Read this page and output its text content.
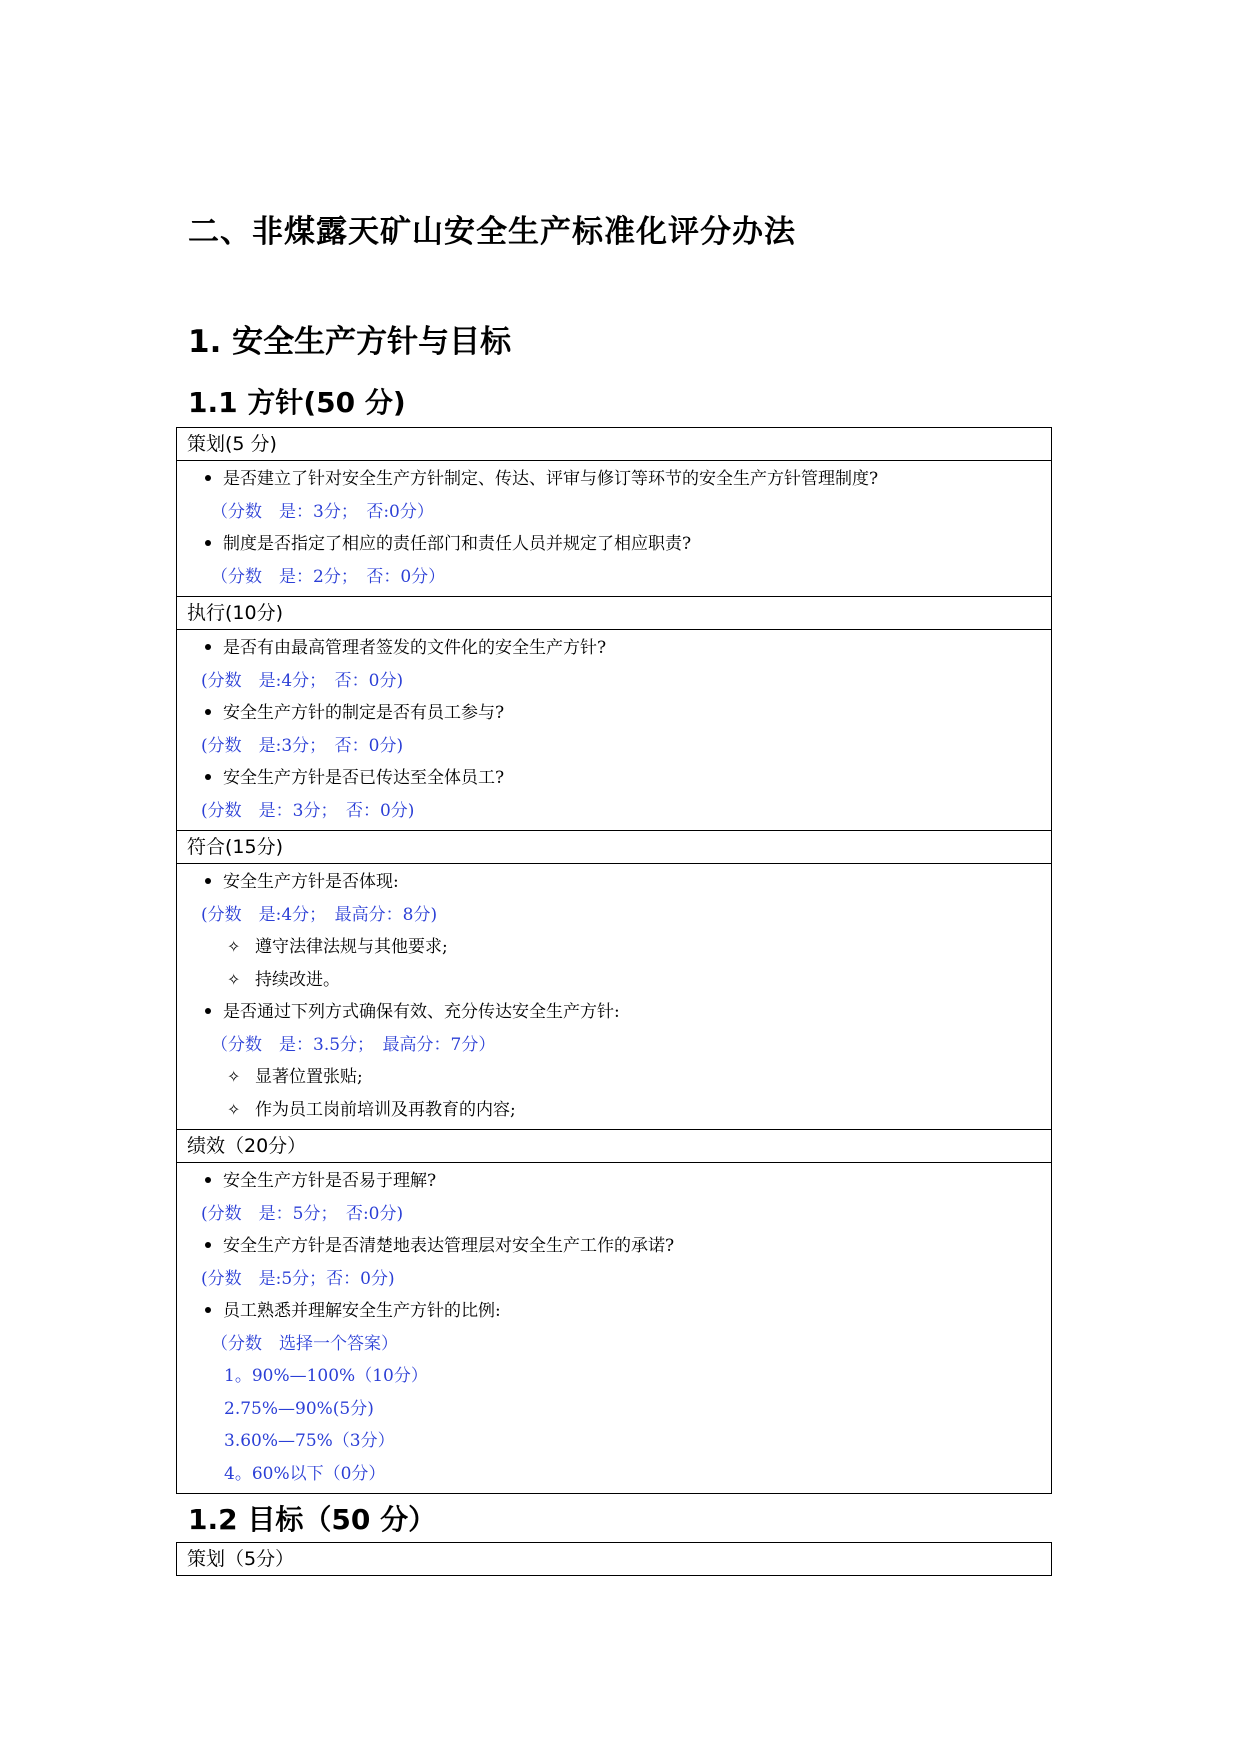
二、非煤露天矿山安全生产标准化评分办法
1. 安全生产方针与目标
1.1 方针(50 分)
策划(5 分)

是否建立了针对安全生产方针制定、传达、评审与修订等环节的安全生产方针管理制度?
（分数　是：3分；　否:0分）
制度是否指定了相应的责任部门和责任人员并规定了相应职责?
（分数　是：2分；　否：0分）

执行(10分)

是否有由最高管理者签发的文件化的安全生产方针?
(分数　是:4分；　否：0分)
安全生产方针的制定是否有员工参与?
(分数　是:3分；　否：0分)
安全生产方针是否已传达至全体员工?
(分数　是：3分；　否：0分)

符合(15分)

安全生产方针是否体现:
(分数　是:4分；　最高分：8分)
✧ 遵守法律法规与其他要求;
✧ 持续改进。
是否通过下列方式确保有效、充分传达安全生产方针:
（分数　是：3.5分；　最高分：7分）
✧ 显著位置张贴;
✧ 作为员工岗前培训及再教育的内容;

绩效（20分）

安全生产方针是否易于理解?
(分数　是：5分；　否:0分)
安全生产方针是否清楚地表达管理层对安全生产工作的承诺?
(分数　是:5分；否：0分)
员工熟悉并理解安全生产方针的比例:
（分数　选择一个答案）
1。90%—100%（10分）
2.75%—90%(5分)
3.60%—75%（3分）
4。60%以下（0分）
1.2 目标（50 分）
策划（5分）
